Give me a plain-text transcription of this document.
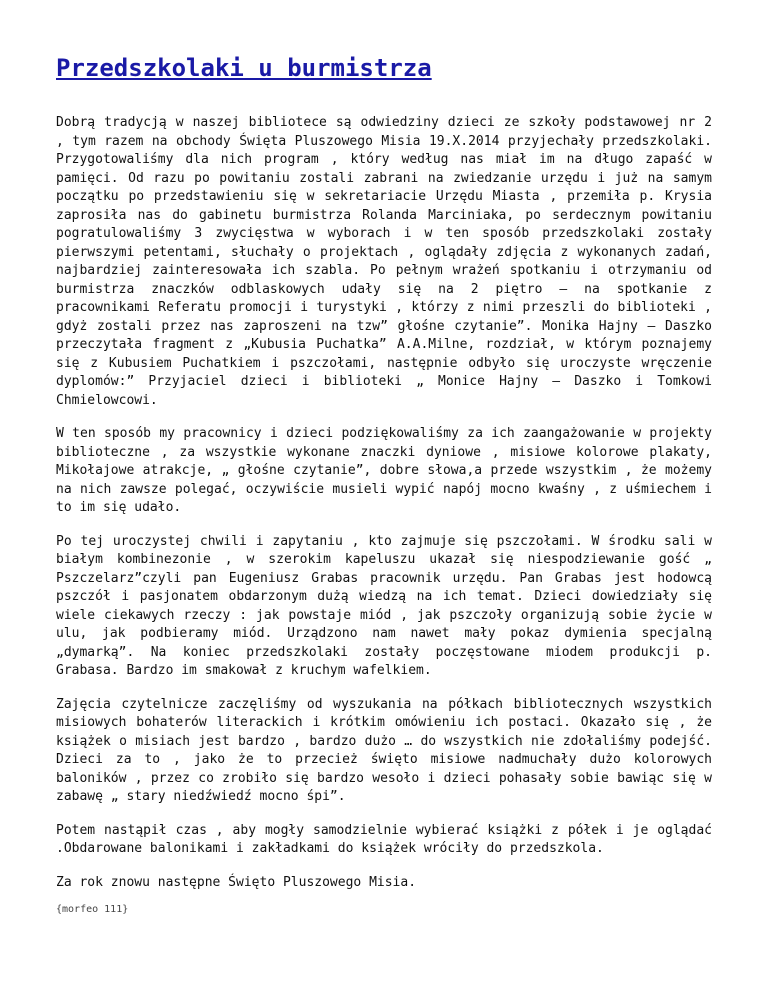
Przedszkolaki u burmistrza

Dobrą tradycją w naszej bibliotece są odwiedziny dzieci ze szkoły podstawowej nr 2 , tym razem na obchody Święta Pluszowego Misia 19.X.2014 przyjechały przedszkolaki. Przygotowaliśmy dla nich program , który według nas miał im na długo zapaść w pamięci. Od razu po powitaniu zostali zabrani na zwiedzanie urzędu i już na samym początku po przedstawieniu się w sekretariacie Urzędu Miasta , przemiła p. Krysia zaprosiła nas do gabinetu burmistrza Rolanda Marciniaka, po serdecznym powitaniu pogratulowaliśmy 3 zwycięstwa w wyborach i w ten sposób przedszkolaki zostały pierwszymi petentami, słuchały o projektach , oglądały zdjęcia z wykonanych zadań, najbardziej zainteresowała ich szabla. Po pełnym wrażeń spotkaniu i otrzymaniu od burmistrza znaczków odblaskowych udały się na 2 piętro – na spotkanie z pracownikami Referatu promocji i turystyki , którzy z nimi przeszli do biblioteki , gdyż zostali przez nas zaproszeni na tzw” głośne czytanie”. Monika Hajny – Daszko przeczytała fragment z „Kubusia Puchatka” A.A.Milne, rozdział, w którym poznajemy się z Kubusiem Puchatkiem i pszczołami, następnie odbyło się uroczyste wręczenie dyplomów:” Przyjaciel dzieci i biblioteki „ Monice Hajny – Daszko i Tomkowi Chmielowcowi.

W ten sposób my pracownicy i dzieci podziękowaliśmy za ich zaangażowanie w projekty biblioteczne , za wszystkie wykonane znaczki dyniowe , misiowe kolorowe plakaty, Mikołajowe atrakcje, „ głośne czytanie”, dobre słowa,a przede wszystkim , że możemy na nich zawsze polegać, oczywiście musieli wypić napój mocno kwaśny , z uśmiechem i to im się udało.

Po tej uroczystej chwili i zapytaniu , kto zajmuje się pszczołami. W środku sali w białym kombinezonie , w szerokim kapeluszu ukazał się niespodziewanie gość „ Pszczelarz”czyli pan Eugeniusz Grabas pracownik urzędu. Pan Grabas jest hodowcą pszczół i pasjonatem obdarzonym dużą wiedzą na ich temat. Dzieci dowiedziały się wiele ciekawych rzeczy : jak powstaje miód , jak pszczoły organizują sobie życie w ulu, jak podbieramy miód. Urządzono nam nawet mały pokaz dymienia specjalną „dymarką”. Na koniec przedszkolaki zostały poczęstowane miodem produkcji p. Grabasa. Bardzo im smakował z kruchym wafelkiem.

Zajęcia czytelnicze zaczęliśmy od wyszukania na półkach bibliotecznych wszystkich misiowych bohaterów literackich i krótkim omówieniu ich postaci. Okazało się , że książek o misiach jest bardzo , bardzo dużo … do wszystkich nie zdołaliśmy podejść. Dzieci za to , jako że to przecież święto misiowe nadmuchały dużo kolorowych baloników , przez co zrobiło się bardzo wesoło i dzieci pohasały sobie bawiąc się w zabawę „ stary niedźwiedź mocno śpi”.

Potem nastąpił czas , aby mogły samodzielnie wybierać książki z półek i je oglądać .Obdarowane balonikami i zakładkami do książek wróciły do przedszkola.

Za rok znowu następne Święto Pluszowego Misia.

{morfeo 111}
